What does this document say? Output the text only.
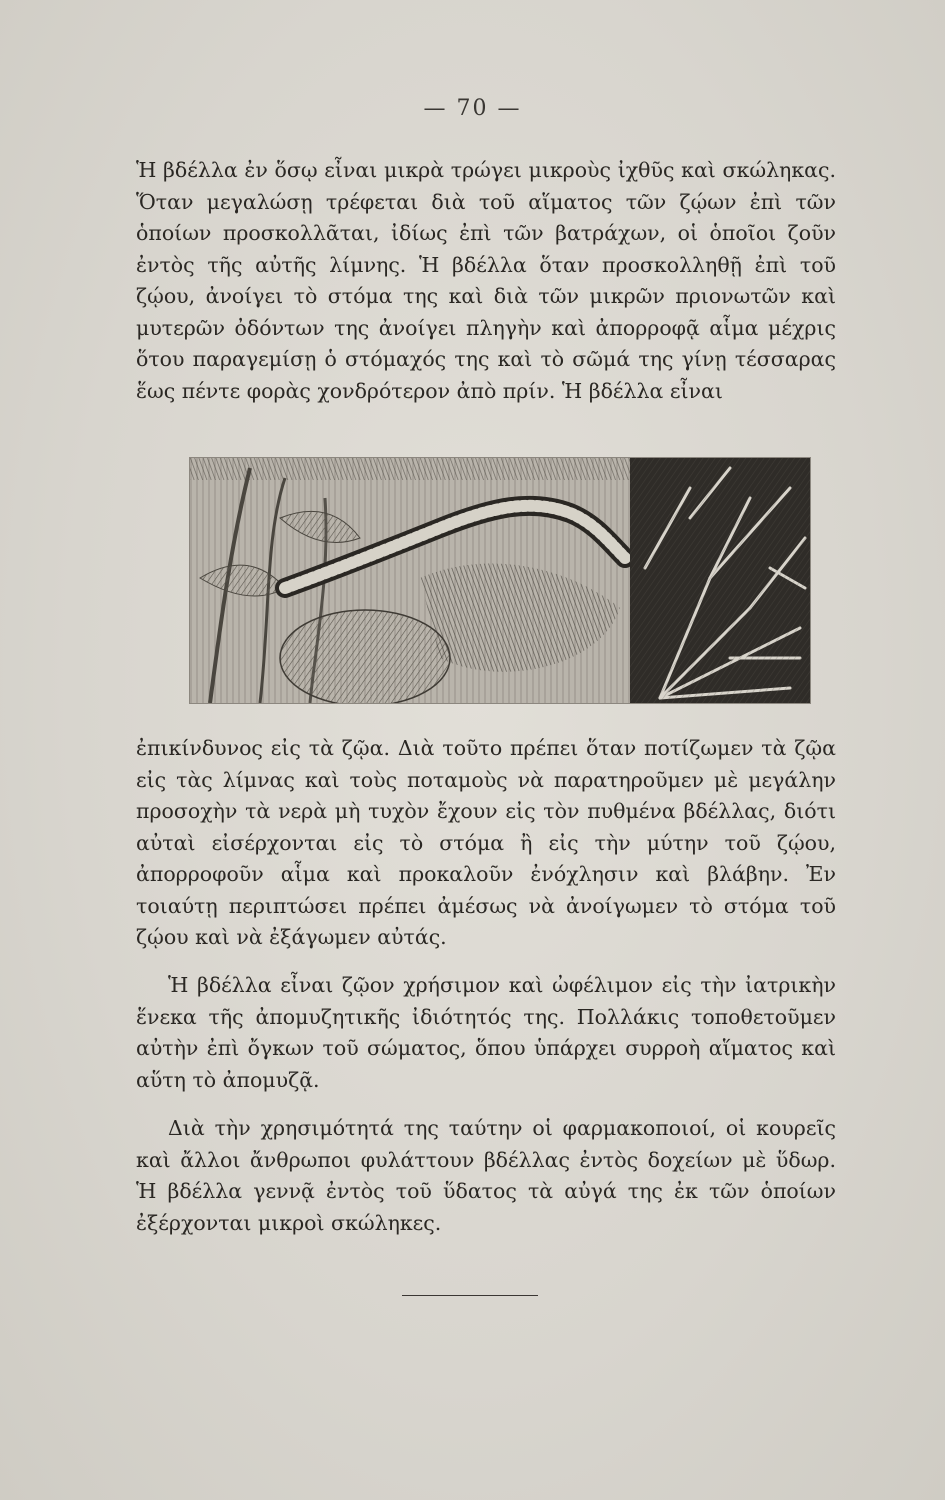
— 70 —

Ἡ βδέλλα ἐν ὅσῳ εἶναι μικρὰ τρώγει μικροὺς ἰχθῦς καὶ σκώληκας. Ὅταν μεγαλώσῃ τρέφεται διὰ τοῦ αἵματος τῶν ζῴων ἐπὶ τῶν ὁποίων προσκολλᾶται, ἰδίως ἐπὶ τῶν βατράχων, οἱ ὁποῖοι ζοῦν ἐντὸς τῆς αὐτῆς λίμνης. Ἡ βδέλλα ὅταν προσκολληθῇ ἐπὶ τοῦ ζῴου, ἀνοίγει τὸ στόμα της καὶ διὰ τῶν μικρῶν πριονωτῶν καὶ μυτερῶν ὀδόντων της ἀνοίγει πληγὴν καὶ ἀπορροφᾷ αἷμα μέχρις ὅτου παραγεμίσῃ ὁ στόμαχός της καὶ τὸ σῶμά της γίνῃ τέσσαρας ἕως πέντε φορὰς χονδρότερον ἀπὸ πρίν. Ἡ βδέλλα εἶναι

ἐπικίνδυνος εἰς τὰ ζῷα. Διὰ τοῦτο πρέπει ὅταν ποτίζωμεν τὰ ζῷα εἰς τὰς λίμνας καὶ τοὺς ποταμοὺς νὰ παρατηροῦμεν μὲ μεγάλην προσοχὴν τὰ νερὰ μὴ τυχὸν ἔχουν εἰς τὸν πυθμένα βδέλλας, διότι αὐταὶ εἰσέρχονται εἰς τὸ στόμα ἢ εἰς τὴν μύτην τοῦ ζῴου, ἀπορροφοῦν αἷμα καὶ προκαλοῦν ἐνόχλησιν καὶ βλάβην. Ἐν τοιαύτῃ περιπτώσει πρέπει ἀμέσως νὰ ἀνοίγωμεν τὸ στόμα τοῦ ζῴου καὶ νὰ ἐξάγωμεν αὐτάς.

Ἡ βδέλλα εἶναι ζῷον χρήσιμον καὶ ὠφέλιμον εἰς τὴν ἰατρικὴν ἕνεκα τῆς ἀπομυζητικῆς ἰδιότητός της. Πολλάκις τοποθετοῦμεν αὐτὴν ἐπὶ ὄγκων τοῦ σώματος, ὅπου ὑπάρχει συρροὴ αἵματος καὶ αὕτη τὸ ἀπομυζᾷ.

Διὰ τὴν χρησιμότητά της ταύτην οἱ φαρμακοποιοί, οἱ κουρεῖς καὶ ἄλλοι ἄνθρωποι φυλάττουν βδέλλας ἐντὸς δοχείων μὲ ὕδωρ. Ἡ βδέλλα γεννᾷ ἐντὸς τοῦ ὕδατος τὰ αὐγά της ἐκ τῶν ὁποίων ἐξέρχονται μικροὶ σκώληκες.
